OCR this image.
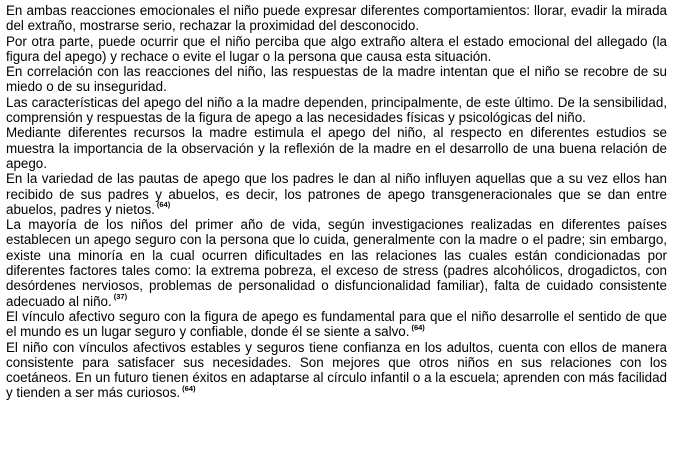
En ambas reacciones emocionales el niño puede expresar diferentes comportamientos: llorar, evadir la mirada del extraño, mostrarse serio, rechazar la proximidad del desconocido.

Por otra parte, puede ocurrir que el niño perciba que algo extraño altera el estado emocional del allegado (la figura del apego) y rechace o evite el lugar o la persona que causa esta situación.

En correlación con las reacciones del niño, las respuestas de la madre intentan que el niño se recobre de su miedo o de su inseguridad.

Las características del apego del niño a la madre dependen, principalmente, de este último. De la sensibilidad, comprensión y respuestas de la figura de apego a las necesidades físicas y psicológicas del niño.

Mediante diferentes recursos la madre estimula el apego del niño, al respecto en diferentes estudios se muestra la importancia de la observación y la reflexión de la madre en el desarrollo de una buena relación de apego.

En la variedad de las pautas de apego que los padres le dan al niño influyen aquellas que a su vez ellos han recibido de sus padres y abuelos, es decir, los patrones de apego transgeneracionales que se dan entre abuelos, padres y nietos. $^{(64)}$

La mayoría de los niños del primer año de vida, según investigaciones realizadas en diferentes países establecen un apego seguro con la persona que lo cuida, generalmente con la madre o el padre; sin embargo, existe una minoría en la cual ocurren dificultades en las relaciones las cuales están condicionadas por diferentes factores tales como: la extrema pobreza, el exceso de stress (padres alcohólicos, drogadictos, con desórdenes nerviosos, problemas de personalidad o disfuncionalidad familiar), falta de cuidado consistente adecuado al niño. $^{(37)}$

El vínculo afectivo seguro con la figura de apego es fundamental para que el niño desarrolle el sentido de que el mundo es un lugar seguro y confiable, donde él se siente a salvo. $^{(64)}$

El niño con vínculos afectivos estables y seguros tiene confianza en los adultos, cuenta con ellos de manera consistente para satisfacer sus necesidades. Son mejores que otros niños en sus relaciones con los coetáneos. En un futuro tienen éxitos en adaptarse al círculo infantil o a la escuela; aprenden con más facilidad y tienden a ser más curiosos. $^{(64)}$
